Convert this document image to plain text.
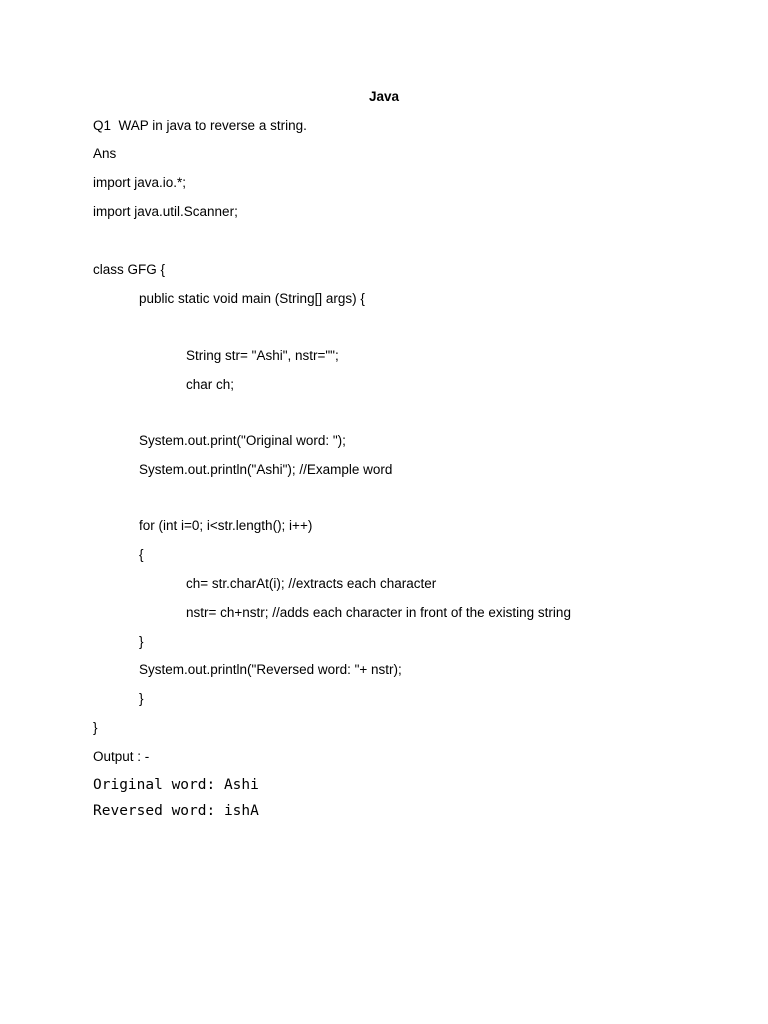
Java
Q1  WAP in java to reverse a string.
Ans
import java.io.*;
import java.util.Scanner;
class GFG {
public static void main (String[] args) {
String str= "Ashi", nstr="";
char ch;
System.out.print("Original word: ");
System.out.println("Ashi"); //Example word
for (int i=0; i<str.length(); i++)
{
ch= str.charAt(i); //extracts each character
nstr= ch+nstr; //adds each character in front of the existing string
}
System.out.println("Reversed word: "+ nstr);
}
}
Output : -
Original word: Ashi
Reversed word: ishA
